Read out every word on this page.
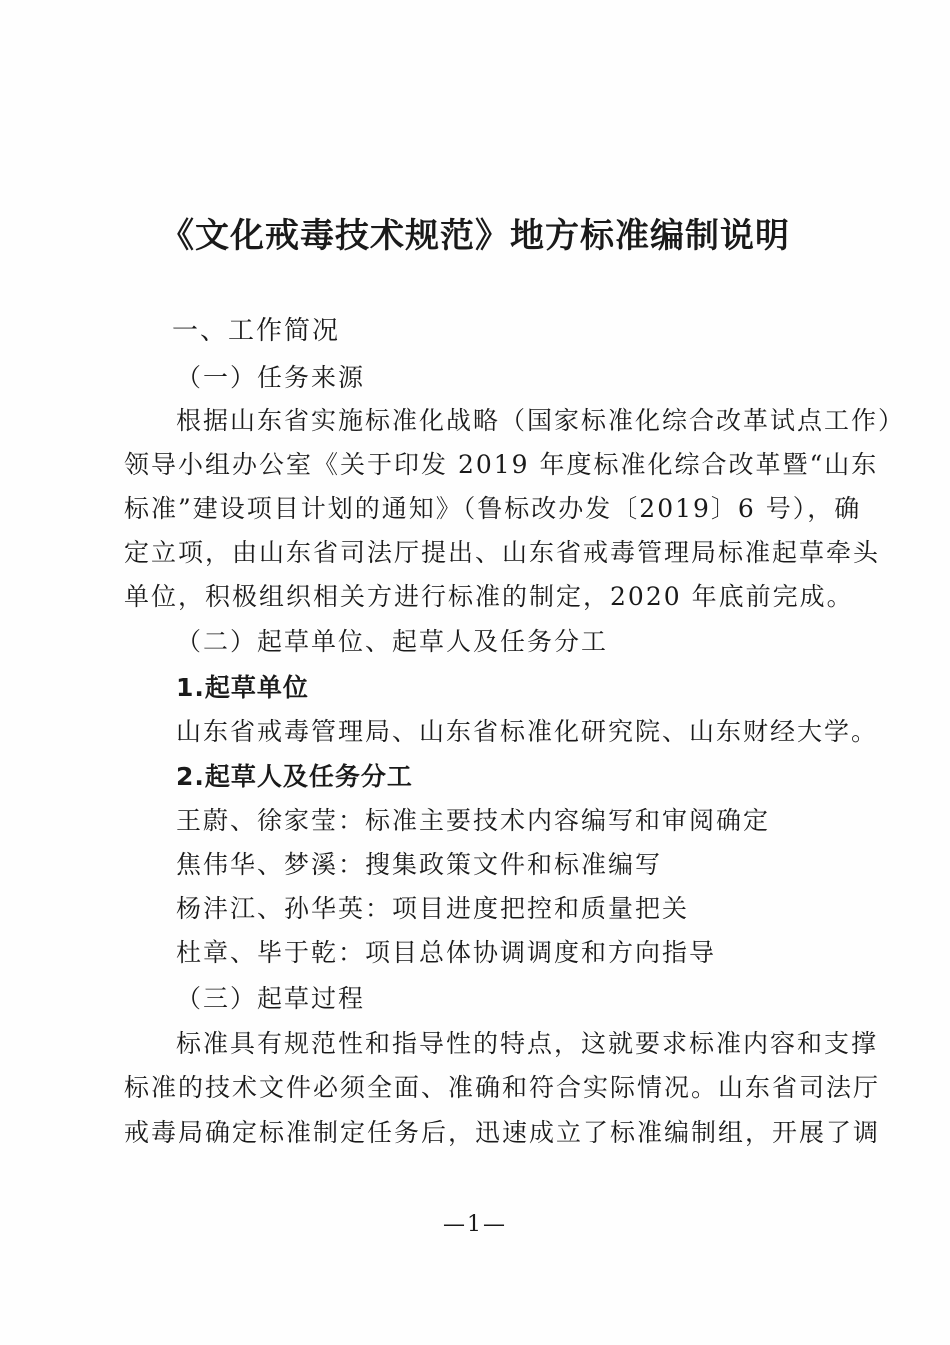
《文化戒毒技术规范》地方标准编制说明

一、工作简况

（一）任务来源

根据山东省实施标准化战略（国家标准化综合改革试点工作）

领导小组办公室《关于印发 2019 年度标准化综合改革暨“山东

标准”建设项目计划的通知》（鲁标改办发〔2019〕6 号），确

定立项，由山东省司法厅提出、山东省戒毒管理局标准起草牵头

单位，积极组织相关方进行标准的制定，2020 年底前完成。

（二）起草单位、起草人及任务分工

1.起草单位

山东省戒毒管理局、山东省标准化研究院、山东财经大学。

2.起草人及任务分工

王蔚、徐家莹：标准主要技术内容编写和审阅确定

焦伟华、梦溪：搜集政策文件和标准编写

杨沣江、孙华英：项目进度把控和质量把关

杜章、毕于乾：项目总体协调调度和方向指导

（三）起草过程

标准具有规范性和指导性的特点，这就要求标准内容和支撑

标准的技术文件必须全面、准确和符合实际情况。山东省司法厅

戒毒局确定标准制定任务后，迅速成立了标准编制组，开展了调

—1—
